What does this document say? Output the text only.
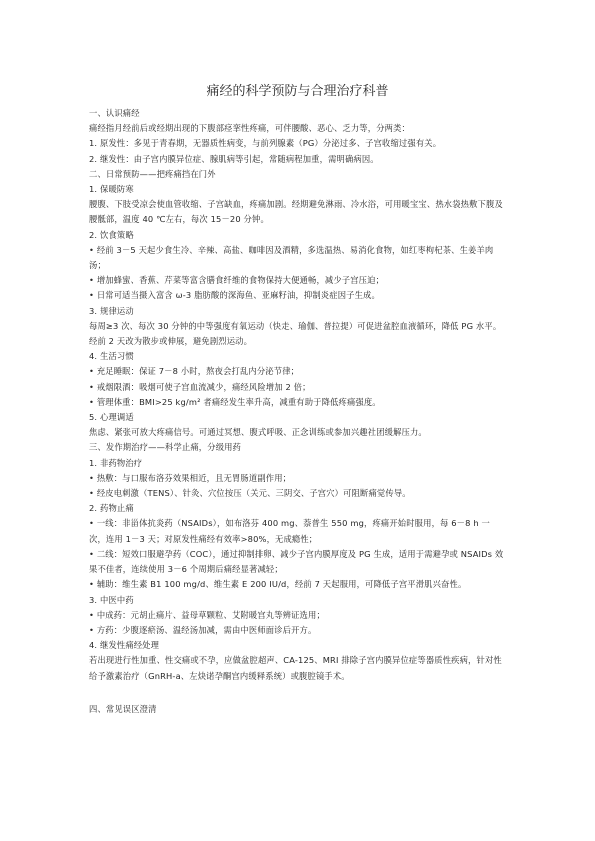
痛经的科学预防与合理治疗科普

一、认识痛经

痛经指月经前后或经期出现的下腹部痉挛性疼痛，可伴腰酸、恶心、乏力等，分两类：

1. 原发性：多见于青春期，无器质性病变，与前列腺素（PG）分泌过多、子宫收缩过强有关。

2. 继发性：由子宫内膜异位症、腺肌病等引起，常随病程加重，需明确病因。

二、日常预防——把疼痛挡在门外

1. 保暖防寒

腰腹、下肢受凉会使血管收缩、子宫缺血，疼痛加剧。经期避免淋雨、冷水浴，可用暖宝宝、热水袋热敷下腹及腰骶部，温度 40 ℃左右，每次 15－20 分钟。

2. 饮食策略

• 经前 3－5 天起少食生冷、辛辣、高盐、咖啡因及酒精，多选温热、易消化食物，如红枣枸杞茶、生姜羊肉汤；

• 增加蜂蜜、香蕉、芹菜等富含膳食纤维的食物保持大便通畅，减少子宫压迫；

• 日常可适当摄入富含 ω-3 脂肪酸的深海鱼、亚麻籽油，抑制炎症因子生成。

3. 规律运动

每周≥3 次、每次 30 分钟的中等强度有氧运动（快走、瑜伽、普拉提）可促进盆腔血液循环，降低 PG 水平。经前 2 天改为散步或伸展，避免剧烈运动。

4. 生活习惯

• 充足睡眠：保证 7－8 小时，熬夜会打乱内分泌节律；

• 戒烟限酒：吸烟可使子宫血流减少，痛经风险增加 2 倍；

• 管理体重：BMI>25 kg/m² 者痛经发生率升高，减重有助于降低疼痛强度。

5. 心理调适

焦虑、紧张可放大疼痛信号。可通过冥想、腹式呼吸、正念训练或参加兴趣社团缓解压力。

三、发作期治疗——科学止痛，分级用药

1. 非药物治疗

• 热敷：与口服布洛芬效果相近，且无胃肠道副作用；

• 经皮电刺激（TENS）、针灸、穴位按压（关元、三阴交、子宫穴）可阻断痛觉传导。

2. 药物止痛

• 一线：非甾体抗炎药（NSAIDs），如布洛芬 400 mg、萘普生 550 mg，疼痛开始时服用，每 6－8 h 一次，连用 1－3 天；对原发性痛经有效率>80%，无成瘾性；

• 二线：短效口服避孕药（COC），通过抑制排卵、减少子宫内膜厚度及 PG 生成，适用于需避孕或 NSAIDs 效果不佳者，连续使用 3－6 个周期后痛经显著减轻；

• 辅助：维生素 B1 100 mg/d、维生素 E 200 IU/d，经前 7 天起服用，可降低子宫平滑肌兴奋性。

3. 中医中药

• 中成药：元胡止痛片、益母草颗粒、艾附暖宫丸等辨证选用；

• 方药：少腹逐瘀汤、温经汤加减，需由中医师面诊后开方。

4. 继发性痛经处理

若出现进行性加重、性交痛或不孕，应做盆腔超声、CA-125、MRI 排除子宫内膜异位症等器质性疾病，针对性给予激素治疗（GnRH-a、左炔诺孕酮宫内缓释系统）或腹腔镜手术。

四、常见误区澄清
